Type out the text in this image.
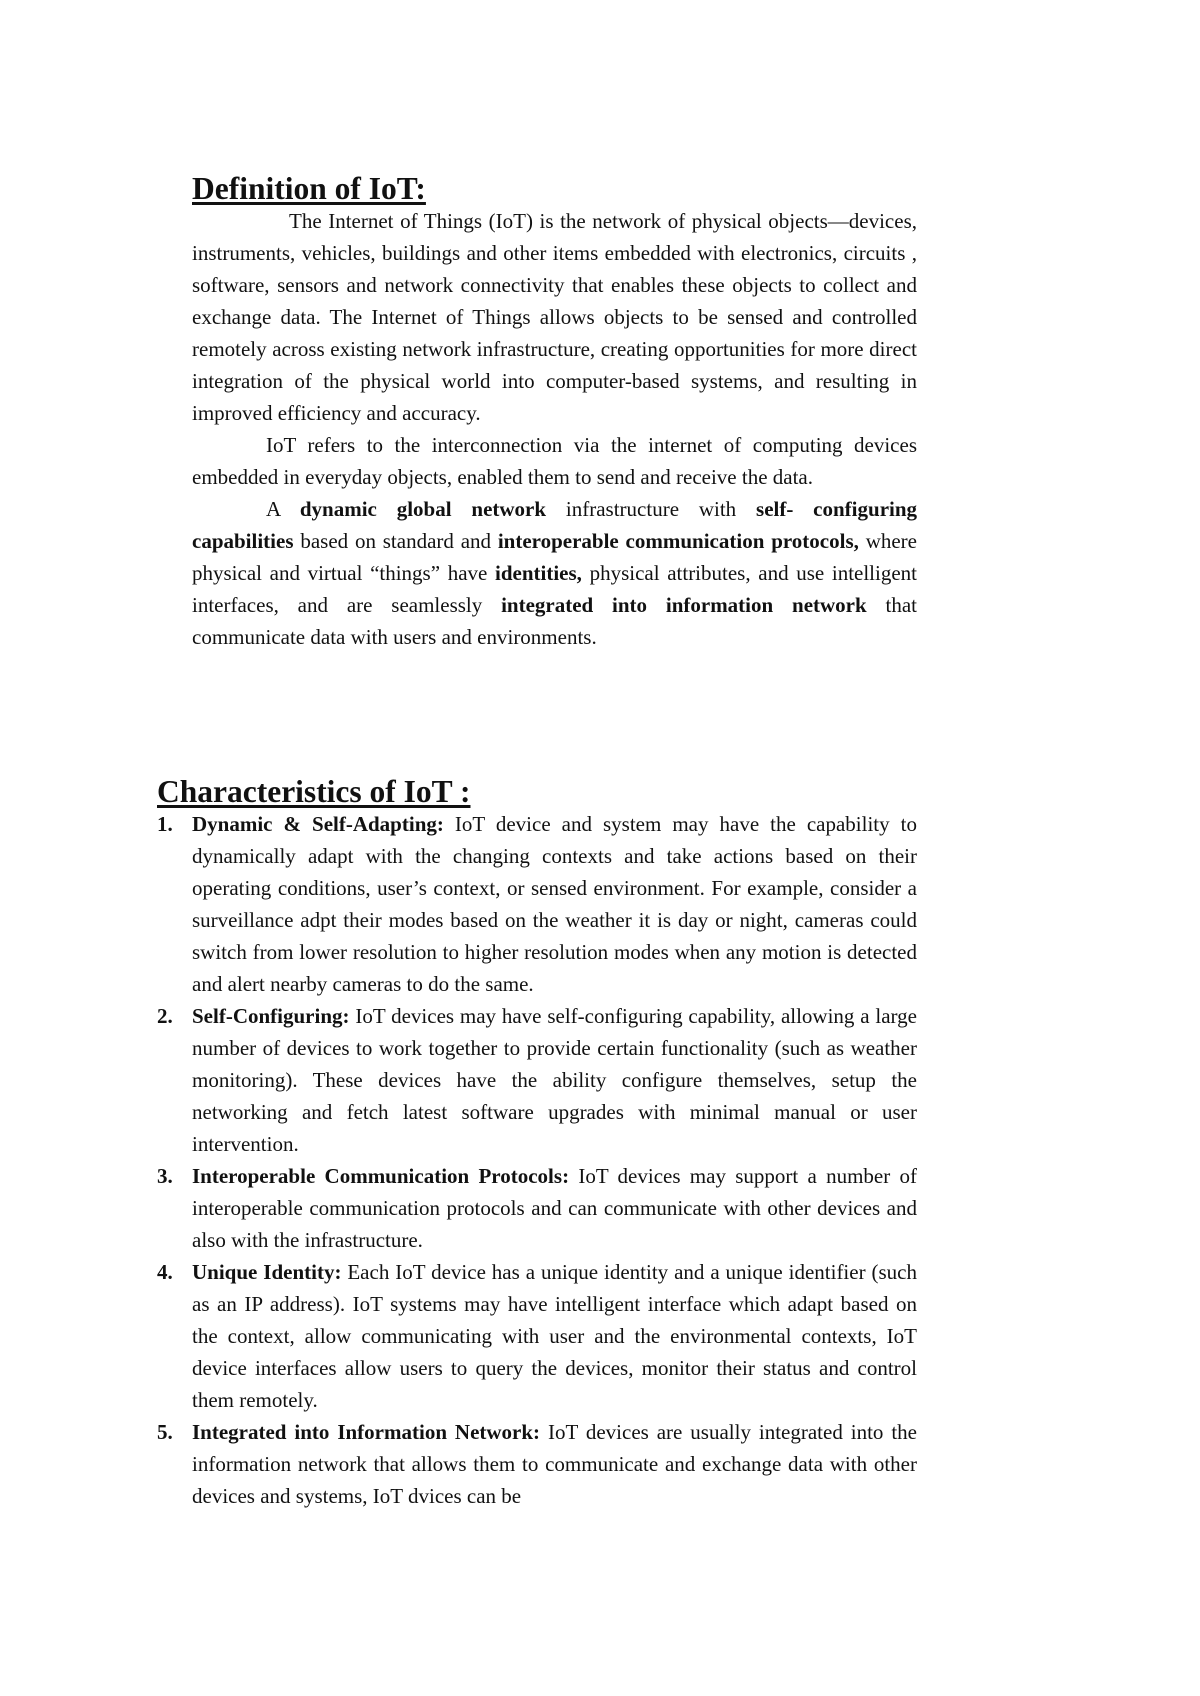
Definition of IoT:

The Internet of Things (IoT) is the network of physical objects—devices, instruments, vehicles, buildings and other items embedded with electronics, circuits , software, sensors and network connectivity that enables these objects to collect and exchange data. The Internet of Things allows objects to be sensed and controlled remotely across existing network infrastructure, creating opportunities for more direct integration of the physical world into computer-based systems, and resulting in improved efficiency and accuracy.

IoT refers to the interconnection via the internet of computing devices embedded in everyday objects, enabled them to send and receive the data.

A dynamic global network infrastructure with self- configuring capabilities based on standard and interoperable communication protocols, where physical and virtual “things” have identities, physical attributes, and use intelligent interfaces, and are seamlessly integrated into information network that communicate data with users and environments.

Characteristics of IoT :
1. Dynamic & Self-Adapting: IoT device and system may have the capability to dynamically adapt with the changing contexts and take actions based on their operating conditions, user’s context, or sensed environment. For example, consider a surveillance adpt their modes based on the weather it is day or night, cameras could switch from lower resolution to higher resolution modes when any motion is detected and alert nearby cameras to do the same.
2. Self-Configuring: IoT devices may have self-configuring capability, allowing a large number of devices to work together to provide certain functionality (such as weather monitoring). These devices have the ability configure themselves, setup the networking and fetch latest software upgrades with minimal manual or user intervention.
3. Interoperable Communication Protocols: IoT devices may support a number of interoperable communication protocols and can communicate with other devices and also with the infrastructure.
4. Unique Identity: Each IoT device has a unique identity and a unique identifier (such as an IP address). IoT systems may have intelligent interface which adapt based on the context, allow communicating with user and the environmental contexts, IoT device interfaces allow users to query the devices, monitor their status and control them remotely.
5. Integrated into Information Network: IoT devices are usually integrated into the information network that allows them to communicate and exchange data with other devices and systems, IoT dvices can be
